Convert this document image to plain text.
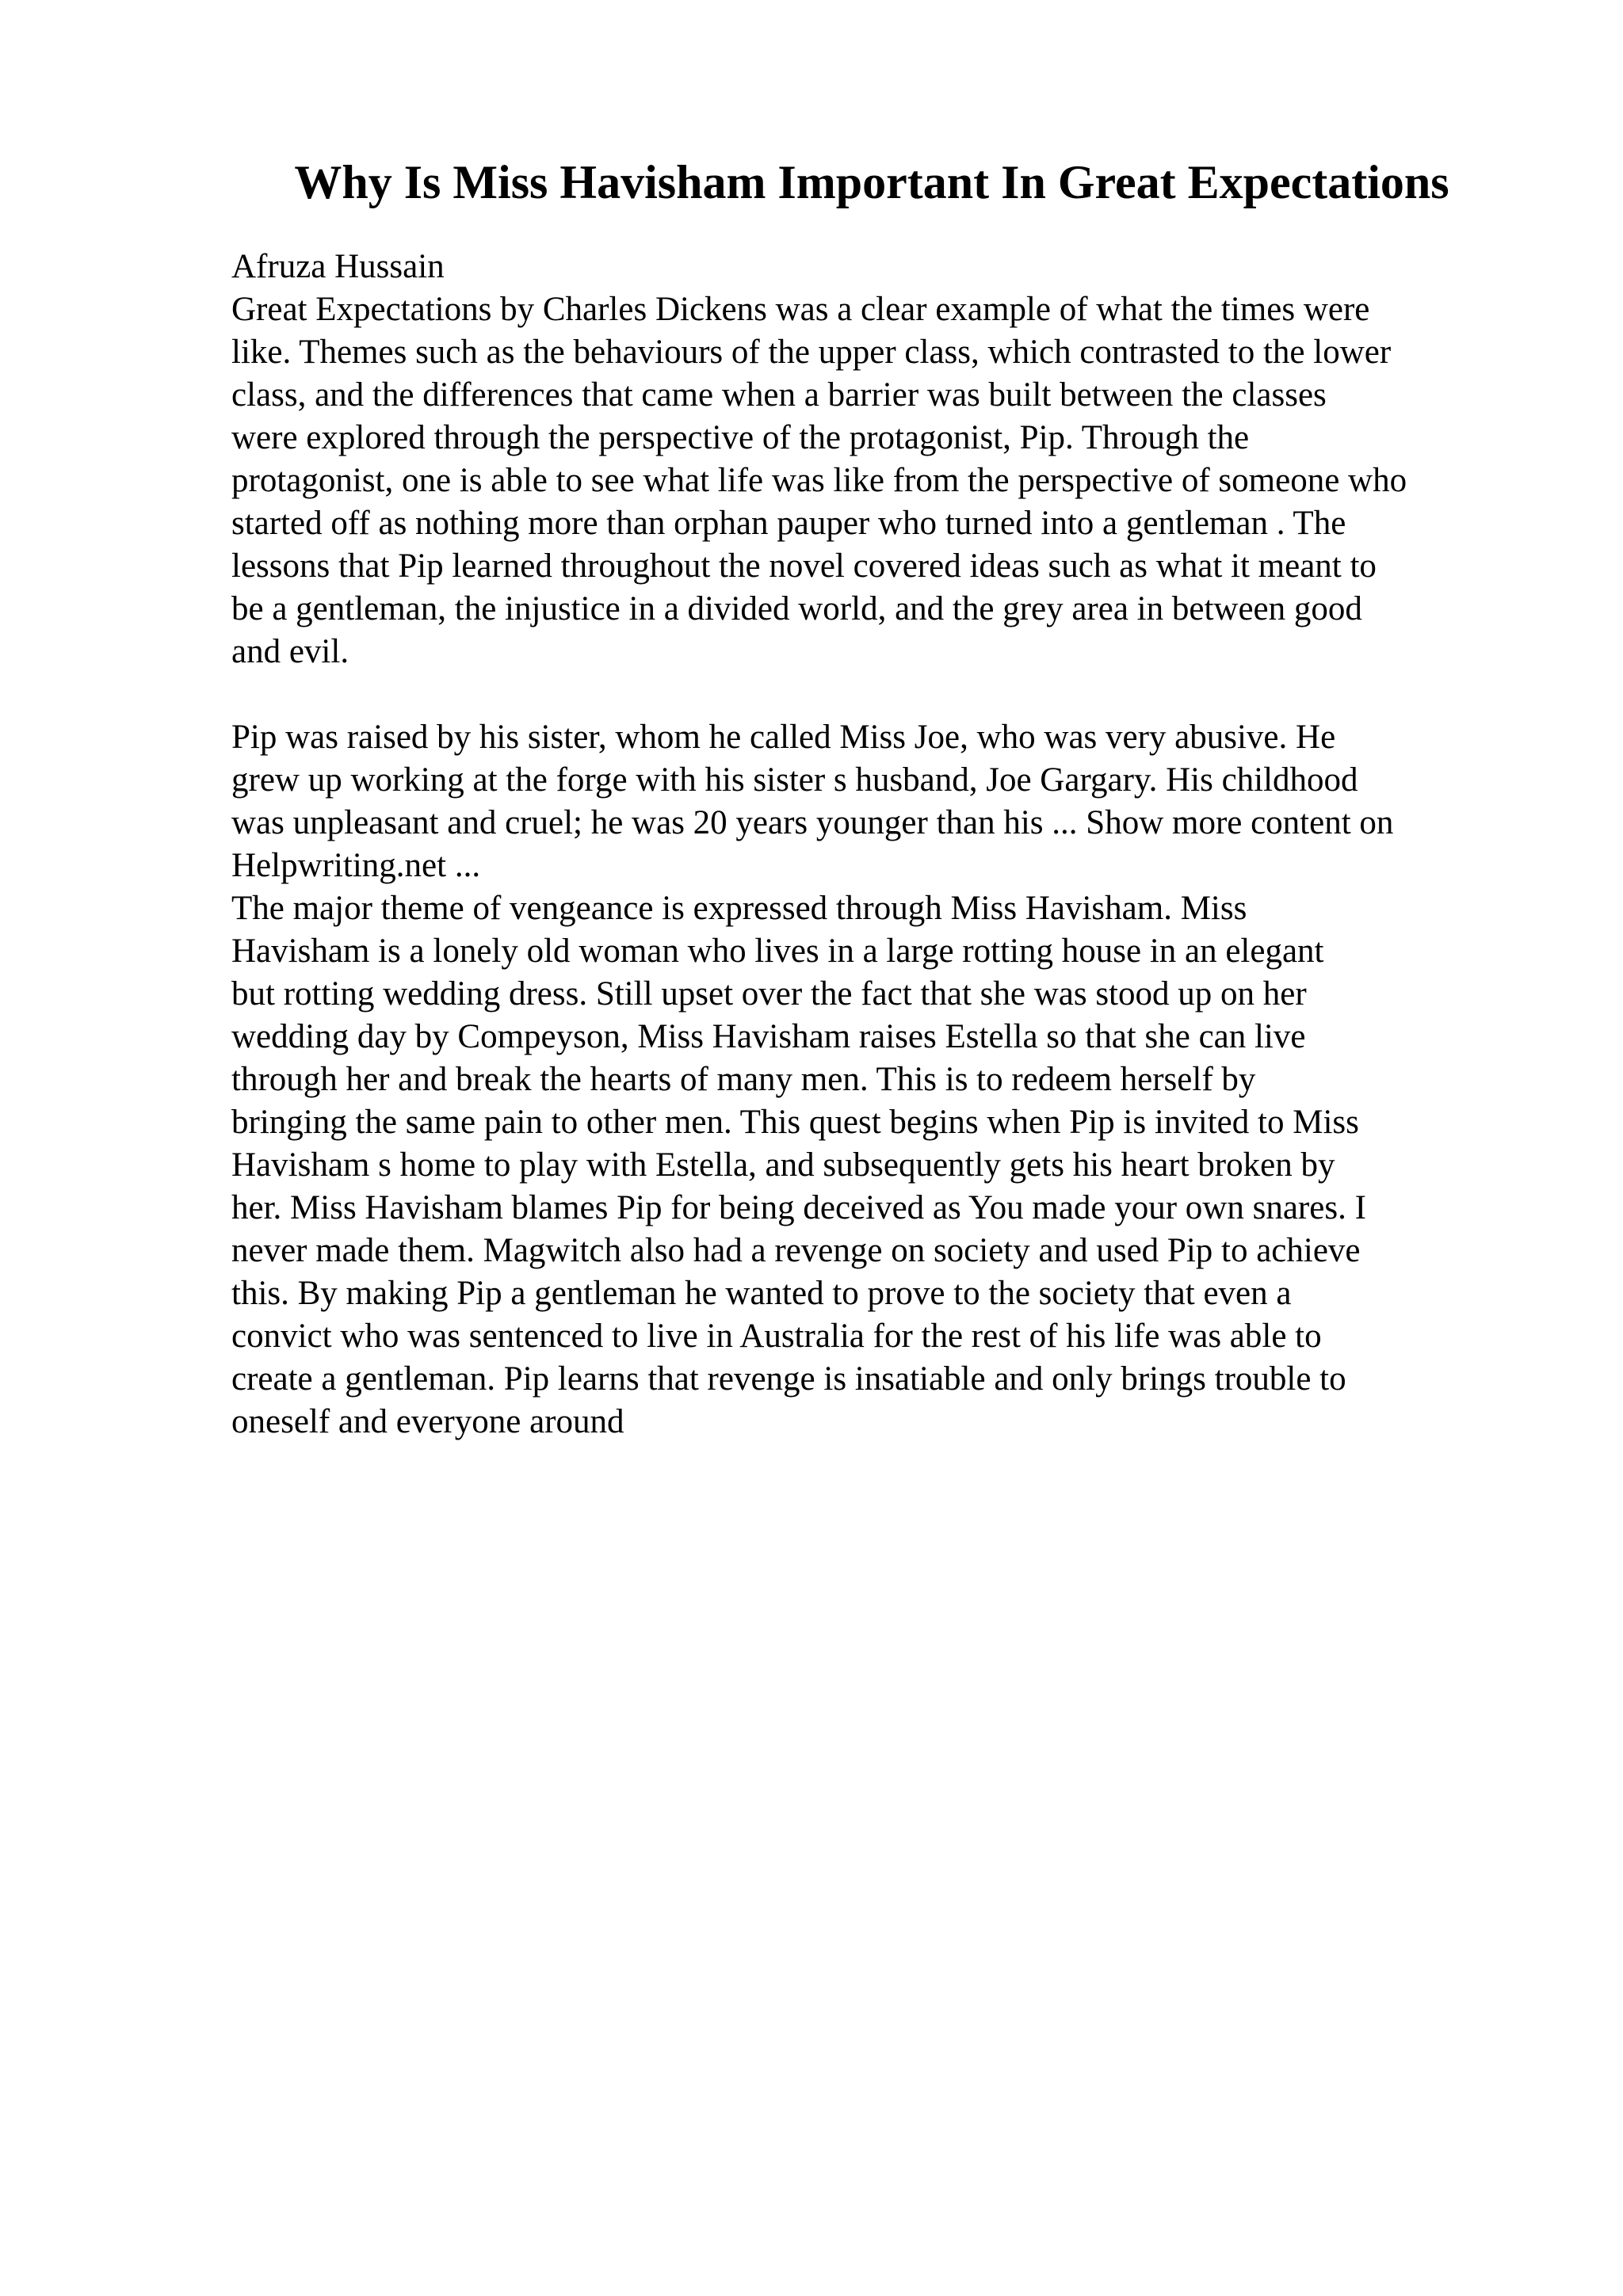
Why Is Miss Havisham Important In Great Expectations
Afruza Hussain
Great Expectations by Charles Dickens was a clear example of what the times were
like. Themes such as the behaviours of the upper class, which contrasted to the lower
class, and the differences that came when a barrier was built between the classes
were explored through the perspective of the protagonist, Pip. Through the
protagonist, one is able to see what life was like from the perspective of someone who
started off as nothing more than orphan pauper who turned into a gentleman . The
lessons that Pip learned throughout the novel covered ideas such as what it meant to
be a gentleman, the injustice in a divided world, and the grey area in between good
and evil.
Pip was raised by his sister, whom he called Miss Joe, who was very abusive. He
grew up working at the forge with his sister s husband, Joe Gargary. His childhood
was unpleasant and cruel; he was 20 years younger than his ... Show more content on
Helpwriting.net ...
The major theme of vengeance is expressed through Miss Havisham. Miss
Havisham is a lonely old woman who lives in a large rotting house in an elegant
but rotting wedding dress. Still upset over the fact that she was stood up on her
wedding day by Compeyson, Miss Havisham raises Estella so that she can live
through her and break the hearts of many men. This is to redeem herself by
bringing the same pain to other men. This quest begins when Pip is invited to Miss
Havisham s home to play with Estella, and subsequently gets his heart broken by
her. Miss Havisham blames Pip for being deceived as You made your own snares. I
never made them. Magwitch also had a revenge on society and used Pip to achieve
this. By making Pip a gentleman he wanted to prove to the society that even a
convict who was sentenced to live in Australia for the rest of his life was able to
create a gentleman. Pip learns that revenge is insatiable and only brings trouble to
oneself and everyone around
